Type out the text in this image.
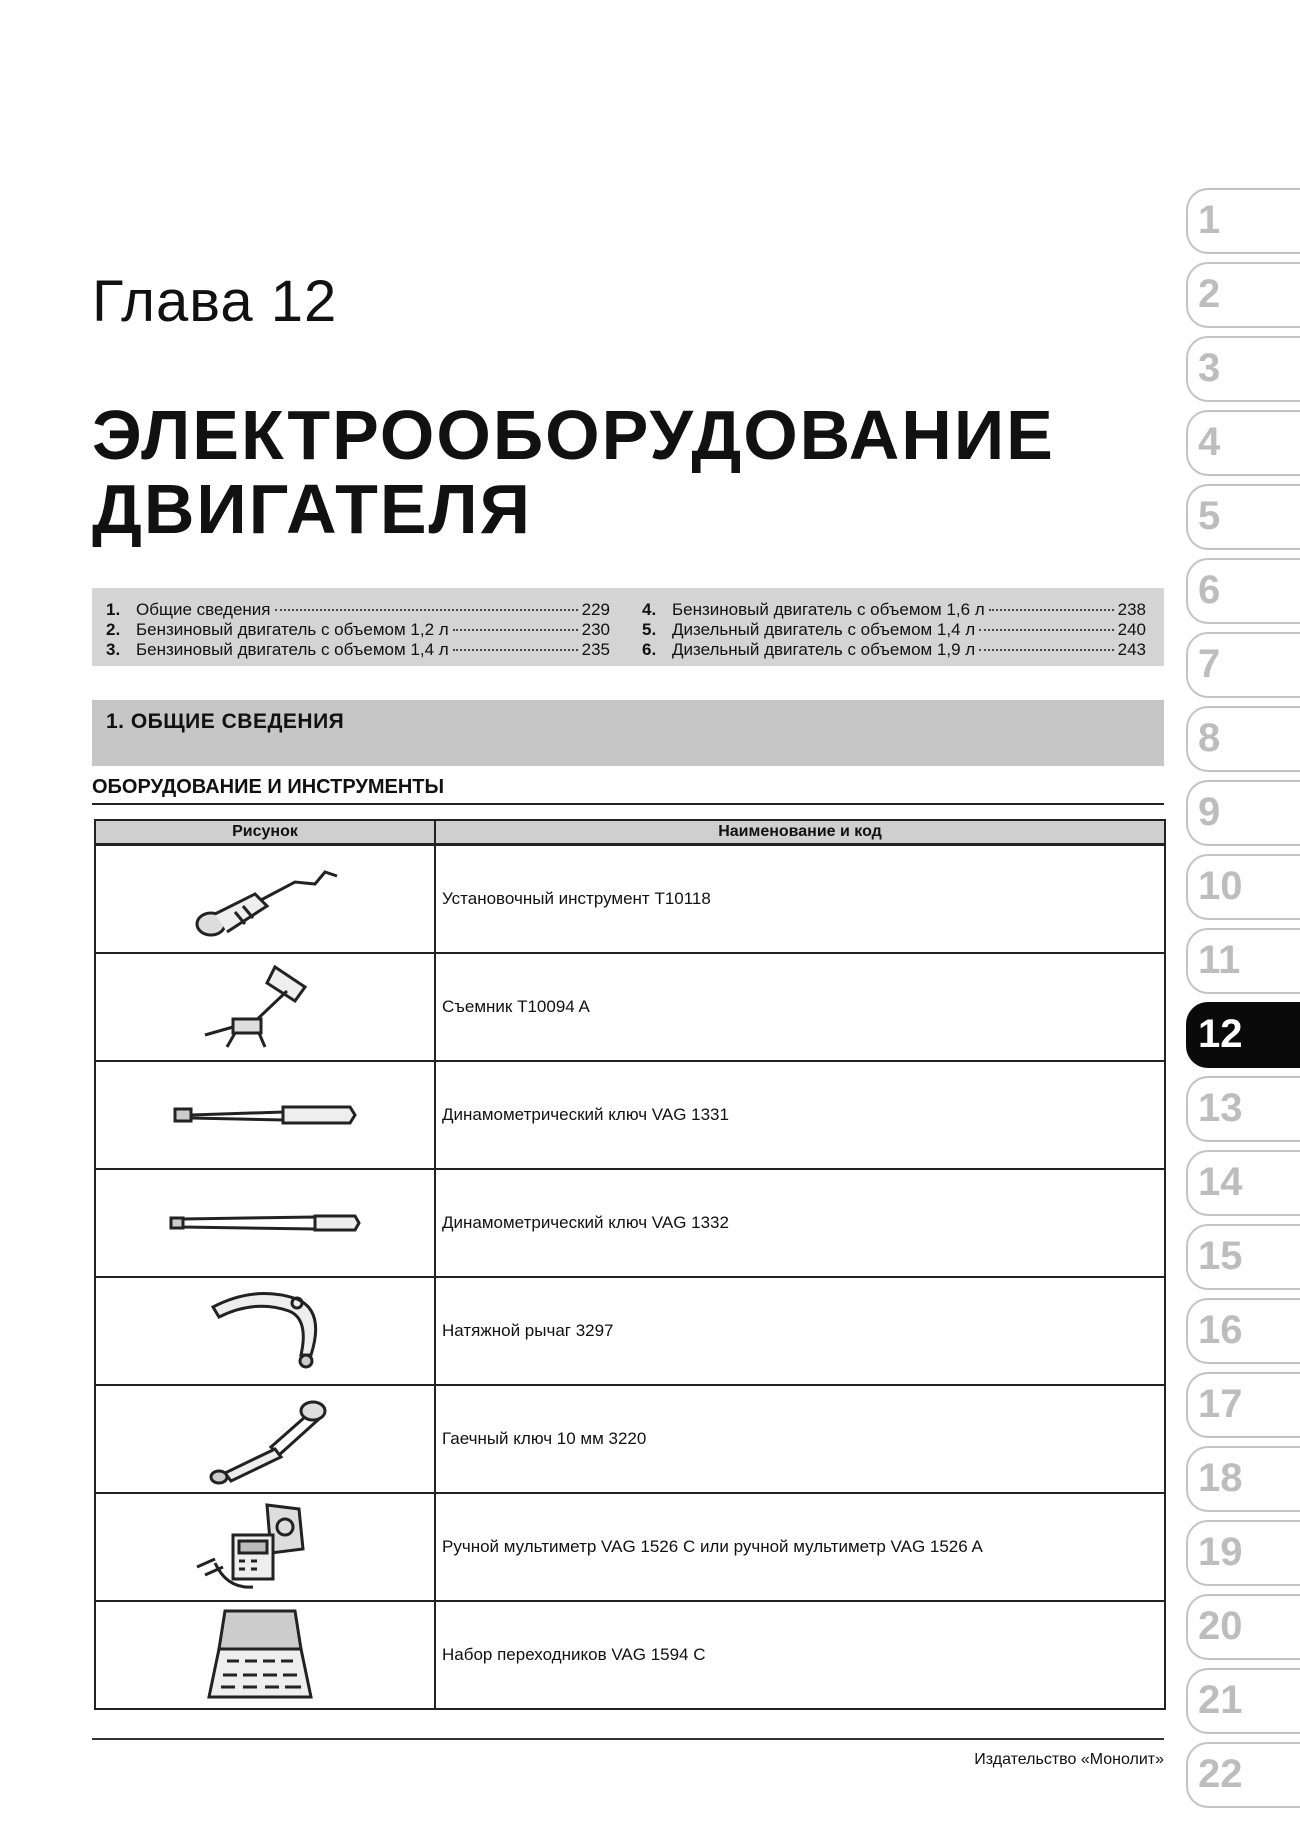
Глава 12
ЭЛЕКТРООБОРУДОВАНИЕ
ДВИГАТЕЛЯ
1. Общие сведения	229
2. Бензиновый двигатель с объемом 1,2 л	230
3. Бензиновый двигатель с объемом 1,4 л	235
4. Бензиновый двигатель с объемом 1,6 л	238
5. Дизельный двигатель с объемом 1,4 л	240
6. Дизельный двигатель с объемом 1,9 л	243
1. ОБЩИЕ СВЕДЕНИЯ
ОБОРУДОВАНИЕ И ИНСТРУМЕНТЫ
Рисунок	Наименование и код

	Установочный инструмент T10118

	Съемник T10094 A

	Динамометрический ключ VAG 1331

	Динамометрический ключ VAG 1332

	Натяжной рычаг 3297

	Гаечный ключ 10 мм 3220

	Ручной мультиметр VAG 1526 C или ручной мультиметр VAG 1526 A

	Набор переходников VAG 1594 C
Издательство «Монолит»
1
2
3
4
5
6
7
8
9
10
11
12
13
14
15
16
17
18
19
20
21
22
